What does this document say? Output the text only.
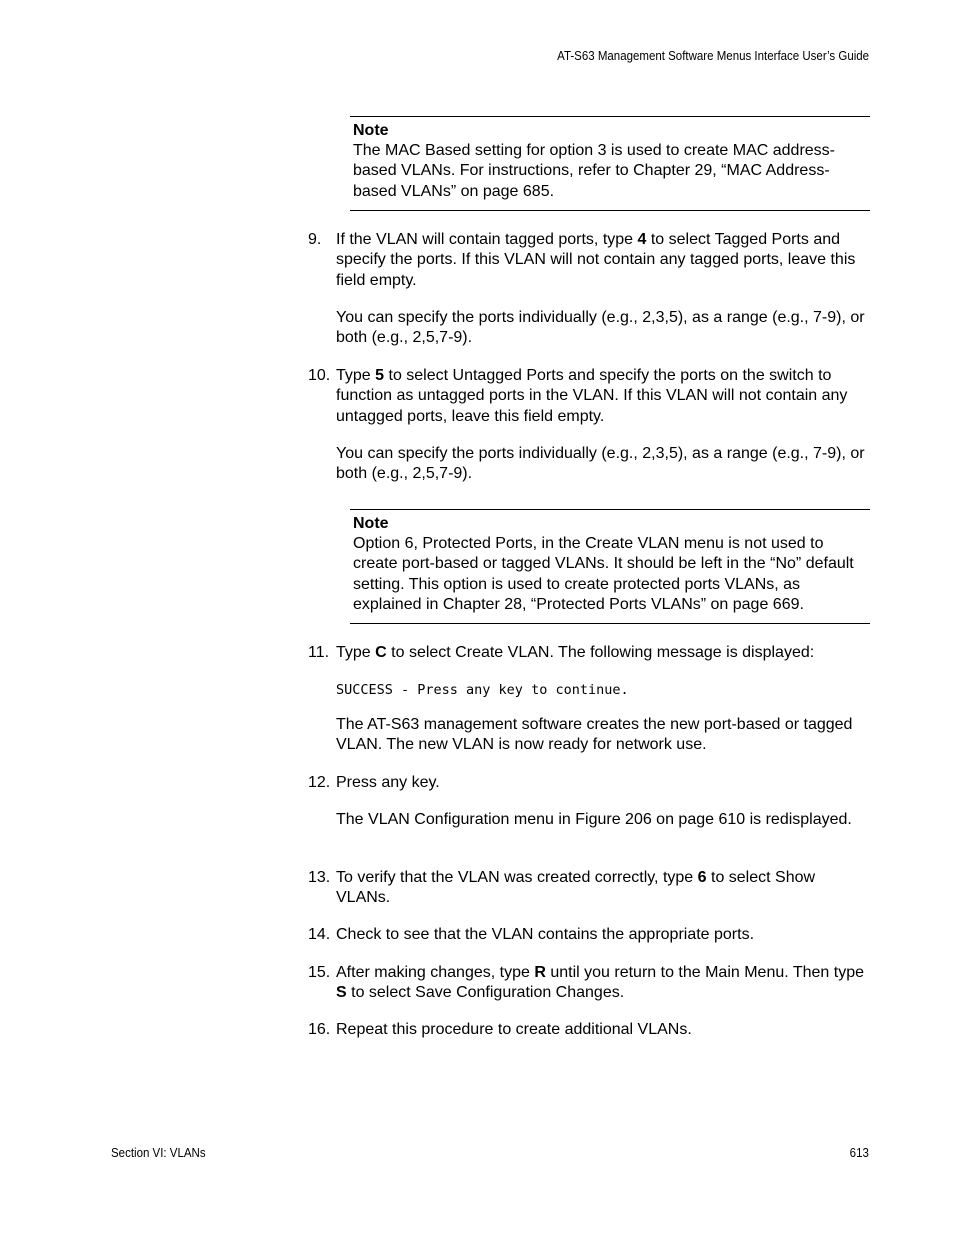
AT-S63 Management Software Menus Interface User’s Guide
Note
The MAC Based setting for option 3 is used to create MAC address-based VLANs. For instructions, refer to Chapter 29, “MAC Address-based VLANs” on page 685.
9. If the VLAN will contain tagged ports, type 4 to select Tagged Ports and specify the ports. If this VLAN will not contain any tagged ports, leave this field empty.
You can specify the ports individually (e.g., 2,3,5), as a range (e.g., 7-9), or both (e.g., 2,5,7-9).
10. Type 5 to select Untagged Ports and specify the ports on the switch to function as untagged ports in the VLAN. If this VLAN will not contain any untagged ports, leave this field empty.
You can specify the ports individually (e.g., 2,3,5), as a range (e.g., 7-9), or both (e.g., 2,5,7-9).
Note
Option 6, Protected Ports, in the Create VLAN menu is not used to create port-based or tagged VLANs. It should be left in the “No” default setting. This option is used to create protected ports VLANs, as explained in Chapter 28, “Protected Ports VLANs” on page 669.
11. Type C to select Create VLAN. The following message is displayed:
SUCCESS - Press any key to continue.
The AT-S63 management software creates the new port-based or tagged VLAN. The new VLAN is now ready for network use.
12. Press any key.
The VLAN Configuration menu in Figure 206 on page 610 is redisplayed.
13. To verify that the VLAN was created correctly, type 6 to select Show VLANs.
14. Check to see that the VLAN contains the appropriate ports.
15. After making changes, type R until you return to the Main Menu. Then type S to select Save Configuration Changes.
16. Repeat this procedure to create additional VLANs.
Section VI: VLANs	613
